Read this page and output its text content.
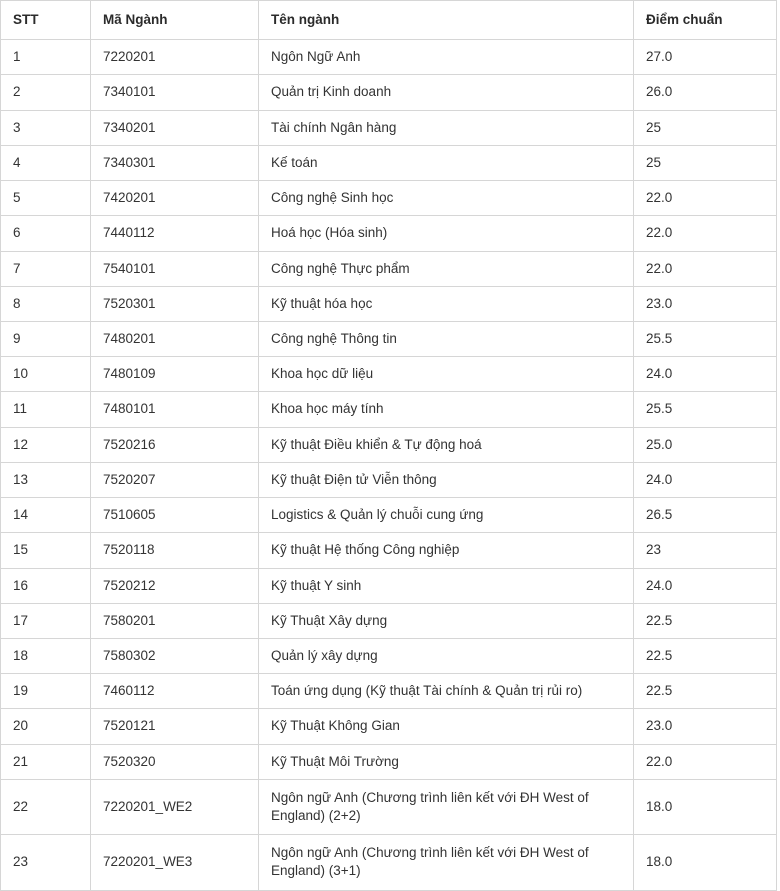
STT	Mã Ngành	Tên ngành	Điểm chuẩn
1	7220201	Ngôn Ngữ Anh	27.0
2	7340101	Quản trị Kinh doanh	26.0
3	7340201	Tài chính Ngân hàng	25
4	7340301	Kế toán	25
5	7420201	Công nghệ Sinh học	22.0
6	7440112	Hoá học (Hóa sinh)	22.0
7	7540101	Công nghệ Thực phẩm	22.0
8	7520301	Kỹ thuật hóa học	23.0
9	7480201	Công nghệ Thông tin	25.5
10	7480109	Khoa học dữ liệu	24.0
11	7480101	Khoa học máy tính	25.5
12	7520216	Kỹ thuật Điều khiển & Tự động hoá	25.0
13	7520207	Kỹ thuật Điện tử Viễn thông	24.0
14	7510605	Logistics & Quản lý chuỗi cung ứng	26.5
15	7520118	Kỹ thuật Hệ thống Công nghiệp	23
16	7520212	Kỹ thuật Y sinh	24.0
17	7580201	Kỹ Thuật Xây dựng	22.5
18	7580302	Quản lý xây dựng	22.5
19	7460112	Toán ứng dụng (Kỹ thuật Tài chính & Quản trị rủi ro)	22.5
20	7520121	Kỹ Thuật Không Gian	23.0
21	7520320	Kỹ Thuật Môi Trường	22.0
22	7220201_WE2	Ngôn ngữ Anh (Chương trình liên kết với ĐH West of England) (2+2)	18.0
23	7220201_WE3	Ngôn ngữ Anh (Chương trình liên kết với ĐH West of England) (3+1)	18.0
